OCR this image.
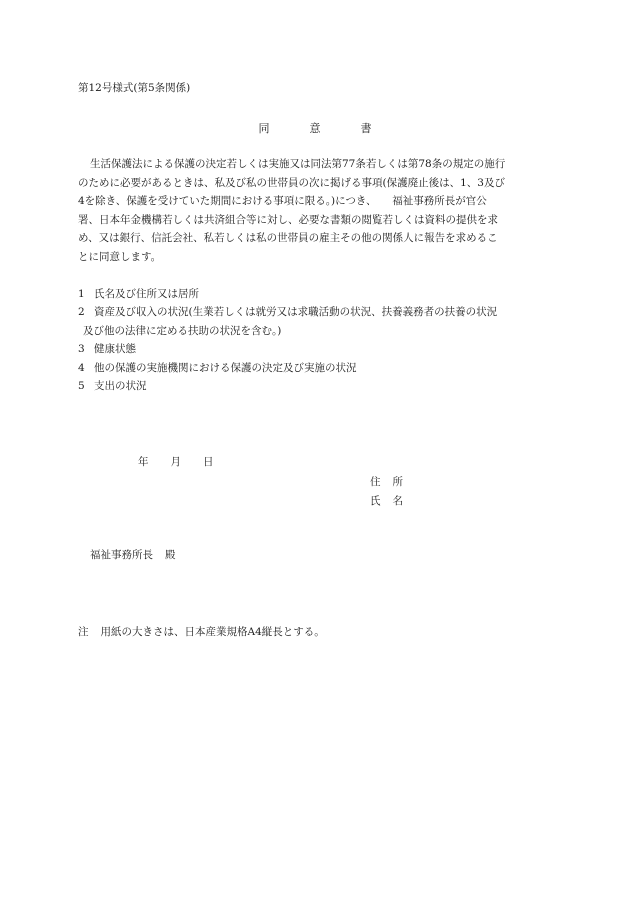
第12号様式(第5条関係)
同	意	書
生活保護法による保護の決定若しくは実施又は同法第77条若しくは第78条の規定の施行
のために必要があるときは、私及び私の世帯員の次に掲げる事項(保護廃止後は、1、3及び
4を除き、保護を受けていた期間における事項に限る。)につき、　　福祉事務所長が官公
署、日本年金機構若しくは共済組合等に対し、必要な書類の閲覧若しくは資料の提供を求
め、又は銀行、信託会社、私若しくは私の世帯員の雇主その他の関係人に報告を求めるこ
とに同意します。
1 氏名及び住所又は居所
2 資産及び収入の状況(生業若しくは就労又は求職活動の状況、扶養義務者の扶養の状況
及び他の法律に定める扶助の状況を含む。)
3 健康状態
4 他の保護の実施機関における保護の決定及び実施の状況
5 支出の状況
年 月 日
住 所
氏 名
福祉事務所長 殿
注 用紙の大きさは、日本産業規格A4縦長とする。
